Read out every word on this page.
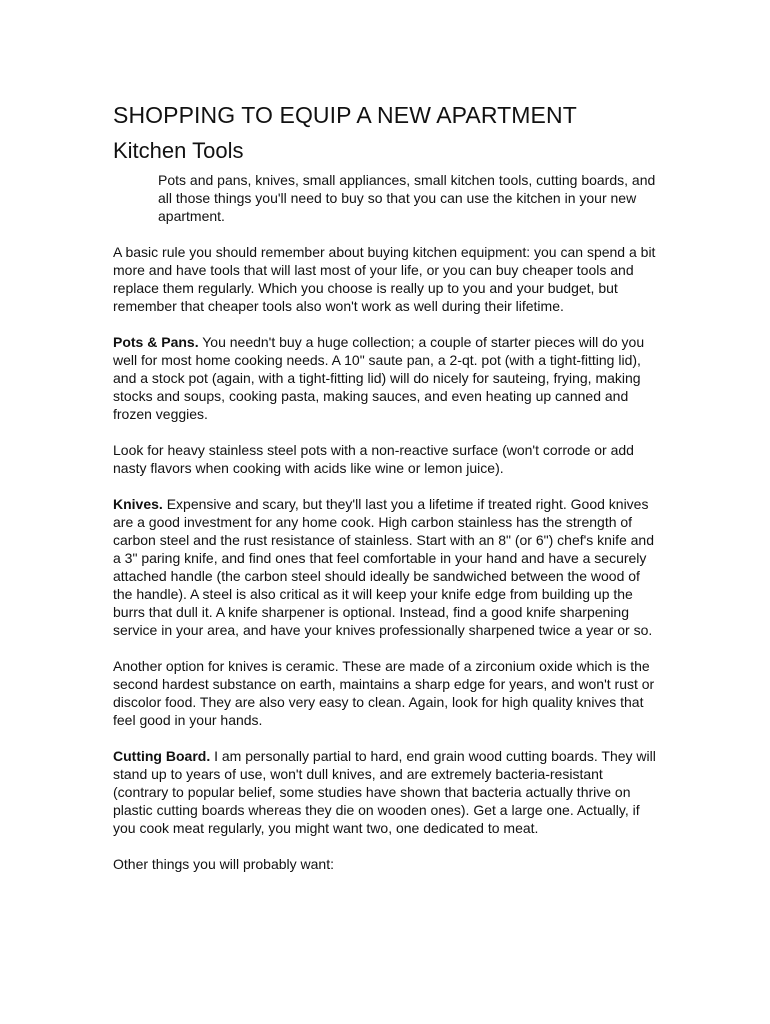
SHOPPING TO EQUIP A NEW APARTMENT
Kitchen Tools
Pots and pans, knives, small appliances, small kitchen tools, cutting boards, and all those things you'll need to buy so that you can use the kitchen in your new apartment.

A basic rule you should remember about buying kitchen equipment: you can spend a bit more and have tools that will last most of your life, or you can buy cheaper tools and replace them regularly. Which you choose is really up to you and your budget, but remember that cheaper tools also won't work as well during their lifetime.

Pots & Pans. You needn't buy a huge collection; a couple of starter pieces will do you well for most home cooking needs. A 10" saute pan, a 2-qt. pot (with a tight-fitting lid), and a stock pot (again, with a tight-fitting lid) will do nicely for sauteing, frying, making stocks and soups, cooking pasta, making sauces, and even heating up canned and frozen veggies.

Look for heavy stainless steel pots with a non-reactive surface (won't corrode or add nasty flavors when cooking with acids like wine or lemon juice).

Knives. Expensive and scary, but they'll last you a lifetime if treated right. Good knives are a good investment for any home cook. High carbon stainless has the strength of carbon steel and the rust resistance of stainless. Start with an 8" (or 6") chef's knife and a 3" paring knife, and find ones that feel comfortable in your hand and have a securely attached handle (the carbon steel should ideally be sandwiched between the wood of the handle). A steel is also critical as it will keep your knife edge from building up the burrs that dull it. A knife sharpener is optional. Instead, find a good knife sharpening service in your area, and have your knives professionally sharpened twice a year or so.

Another option for knives is ceramic. These are made of a zirconium oxide which is the second hardest substance on earth, maintains a sharp edge for years, and won't rust or discolor food. They are also very easy to clean. Again, look for high quality knives that feel good in your hands.

Cutting Board. I am personally partial to hard, end grain wood cutting boards. They will stand up to years of use, won't dull knives, and are extremely bacteria-resistant (contrary to popular belief, some studies have shown that bacteria actually thrive on plastic cutting boards whereas they die on wooden ones). Get a large one. Actually, if you cook meat regularly, you might want two, one dedicated to meat.

Other things you will probably want:
